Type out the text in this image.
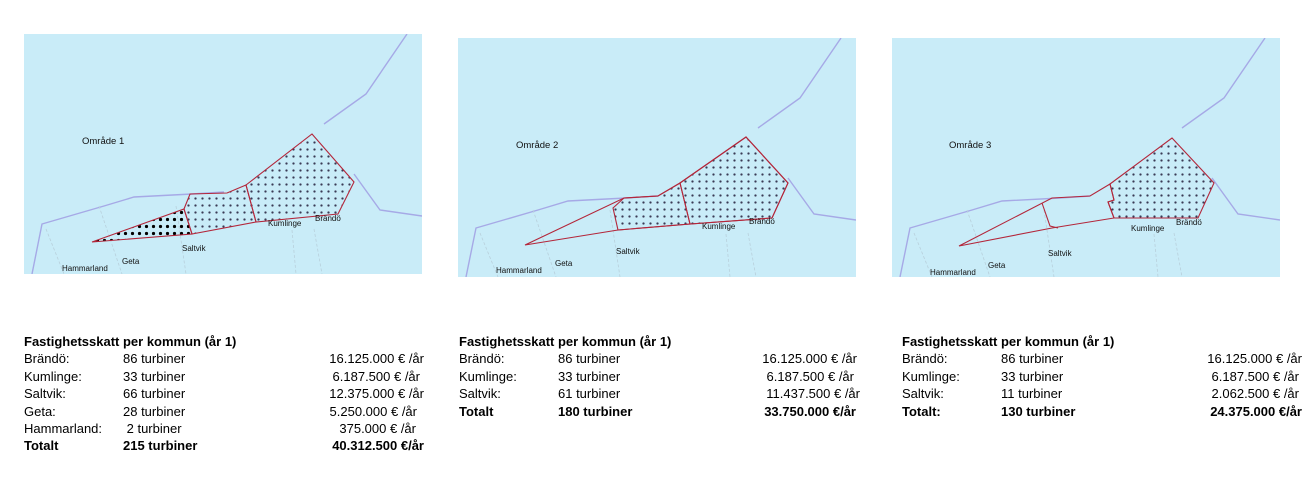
Område 1
Hammarland
Geta
Saltvik
Kumlinge
Brändö
Område 2
Hammarland
Geta
Saltvik
Kumlinge
Brändö
Område 3
Hammarland
Geta
Saltvik
Kumlinge
Brändö
Fastighetsskatt per kommun (år 1)
Brändö:	86 turbiner	16.125.000 € /år
Kumlinge:	33 turbiner	6.187.500 € /år
Saltvik:	66 turbiner	12.375.000 € /år
Geta:	28 turbiner	5.250.000 € /år
Hammarland: 2 turbiner	375.000 € /år
Totalt	215 turbiner	40.312.500 €/år
Fastighetsskatt per kommun (år 1)
Brändö:	86 turbiner	16.125.000 € /år
Kumlinge:	33 turbiner	6.187.500 € /år
Saltvik:	61 turbiner	11.437.500 € /år
Totalt	180 turbiner	33.750.000 €/år
Fastighetsskatt per kommun (år 1)
Brändö:	86 turbiner	16.125.000 € /år
Kumlinge:	33 turbiner	6.187.500 € /år
Saltvik:	11 turbiner	2.062.500 € /år
Totalt:	130 turbiner	24.375.000 €/år
